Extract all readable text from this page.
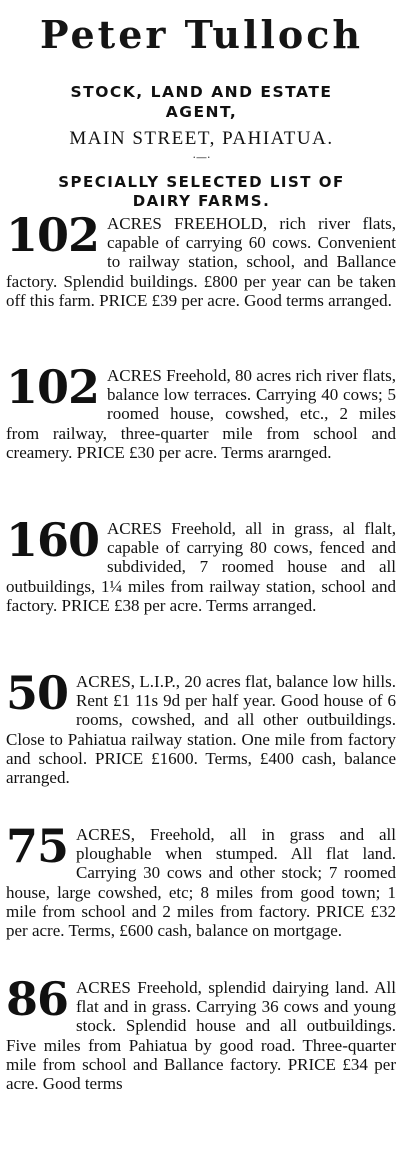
Peter Tulloch
STOCK, LAND AND ESTATE
AGENT,
MAIN STREET, PAHIATUA.
·—·
SPECIALLY SELECTED LIST OF
DAIRY FARMS.
102 ACRES FREEHOLD, rich river flats, capable of carrying 60 cows. Convenient to railway station, school, and Ballance factory. Splendid buildings. £800 per year can be taken off this farm. PRICE £39 per acre. Good terms arranged.
102 ACRES Freehold, 80 acres rich river flats, balance low terraces. Carrying 40 cows; 5 roomed house, cowshed, etc., 2 miles from railway, three-quarter mile from school and creamery. PRICE £30 per acre. Terms ararnged.
160 ACRES Freehold, all in grass, al flalt, capable of carrying 80 cows, fenced and subdivided, 7 roomed house and all outbuildings, 1¼ miles from railway station, school and factory. PRICE £38 per acre. Terms arranged.
50 ACRES, L.I.P., 20 acres flat, balance low hills. Rent £1 11s 9d per half year. Good house of 6 rooms, cowshed, and all other outbuildings. Close to Pahiatua railway station. One mile from factory and school. PRICE £1600. Terms, £400 cash, balance arranged.
75 ACRES, Freehold, all in grass and all ploughable when stumped. All flat land. Carrying 30 cows and other stock; 7 roomed house, large cowshed, etc; 8 miles from good town; 1 mile from school and 2 miles from factory. PRICE £32 per acre. Terms, £600 cash, balance on mortgage.
86 ACRES Freehold, splendid dairying land. All flat and in grass. Carrying 36 cows and young stock. Splendid house and all outbuildings. Five miles from Pahiatua by good road. Three-quarter mile from school and Ballance factory. PRICE £34 per acre. Good terms
